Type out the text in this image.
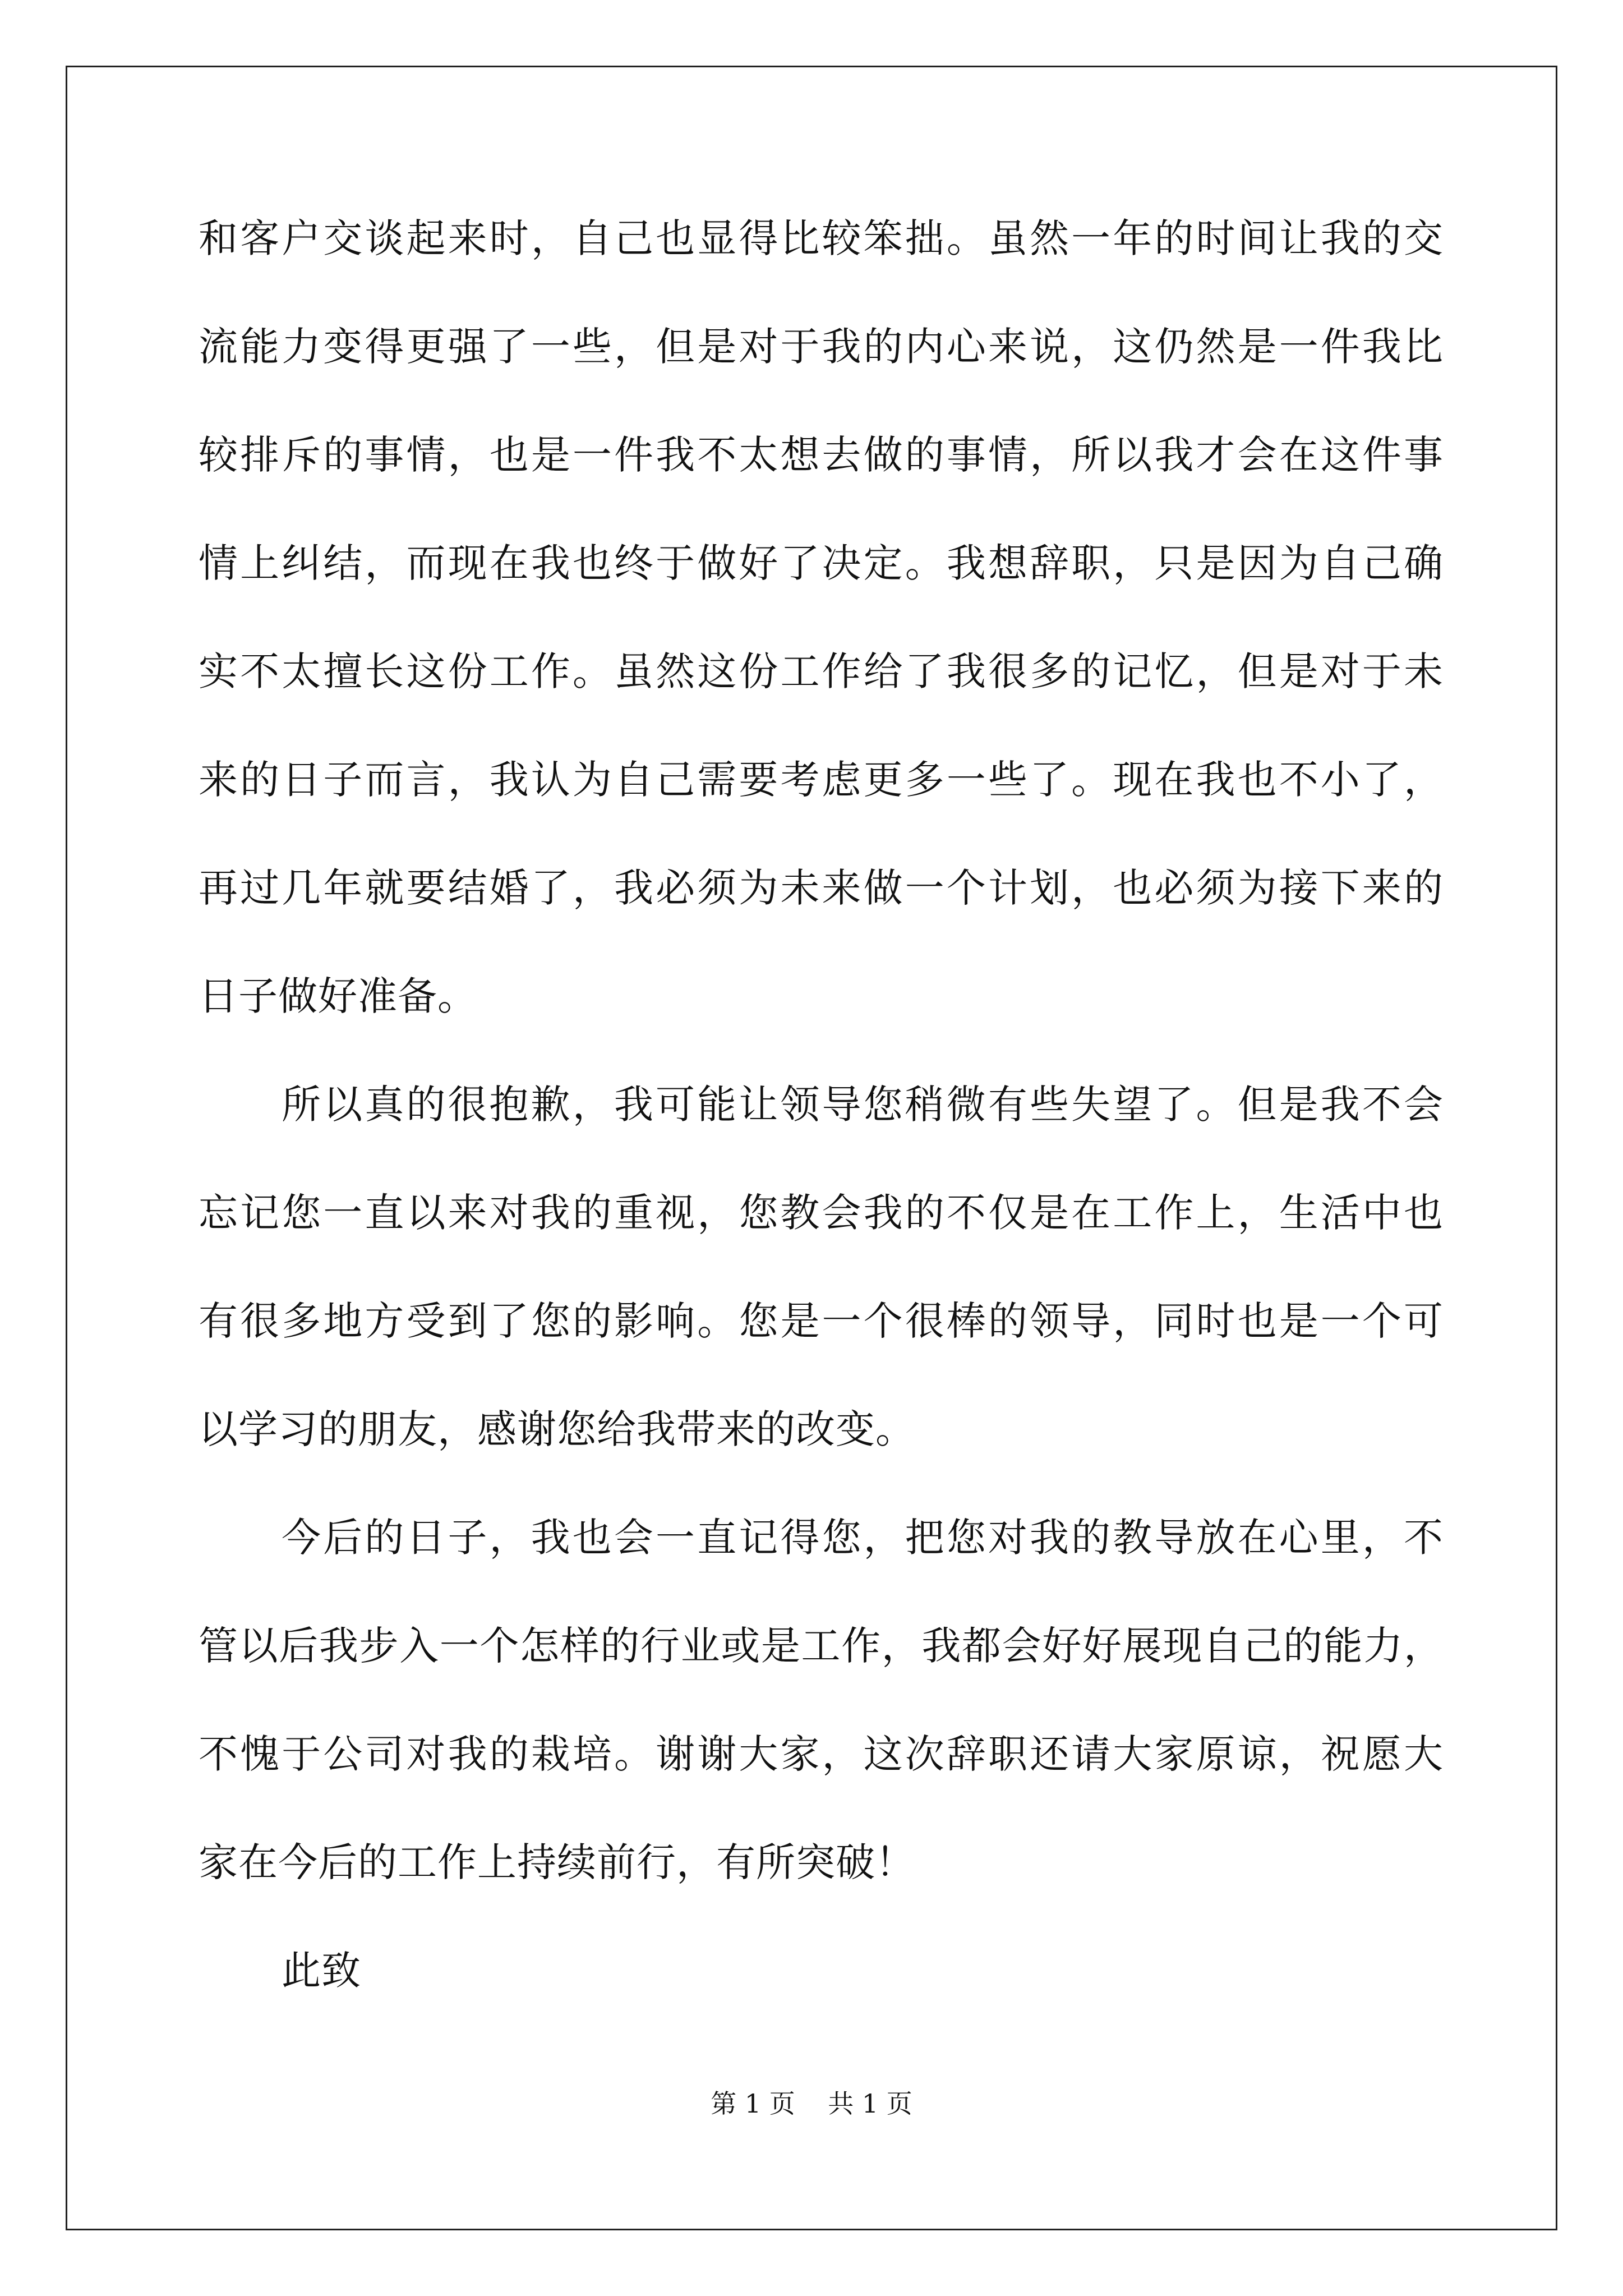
和客户交谈起来时，自己也显得比较笨拙。虽然一年的时间让我的交
流能力变得更强了一些，但是对于我的内心来说，这仍然是一件我比
较排斥的事情，也是一件我不太想去做的事情，所以我才会在这件事
情上纠结，而现在我也终于做好了决定。我想辞职，只是因为自己确
实不太擅长这份工作。虽然这份工作给了我很多的记忆，但是对于未
来的日子而言，我认为自己需要考虑更多一些了。现在我也不小了，
再过几年就要结婚了，我必须为未来做一个计划，也必须为接下来的
日子做好准备。
所以真的很抱歉，我可能让领导您稍微有些失望了。但是我不会
忘记您一直以来对我的重视，您教会我的不仅是在工作上，生活中也
有很多地方受到了您的影响。您是一个很棒的领导，同时也是一个可
以学习的朋友，感谢您给我带来的改变。
今后的日子，我也会一直记得您，把您对我的教导放在心里，不
管以后我步入一个怎样的行业或是工作，我都会好好展现自己的能力，
不愧于公司对我的栽培。谢谢大家，这次辞职还请大家原谅，祝愿大
家在今后的工作上持续前行，有所突破！
此致
第 1 页    共 1 页
